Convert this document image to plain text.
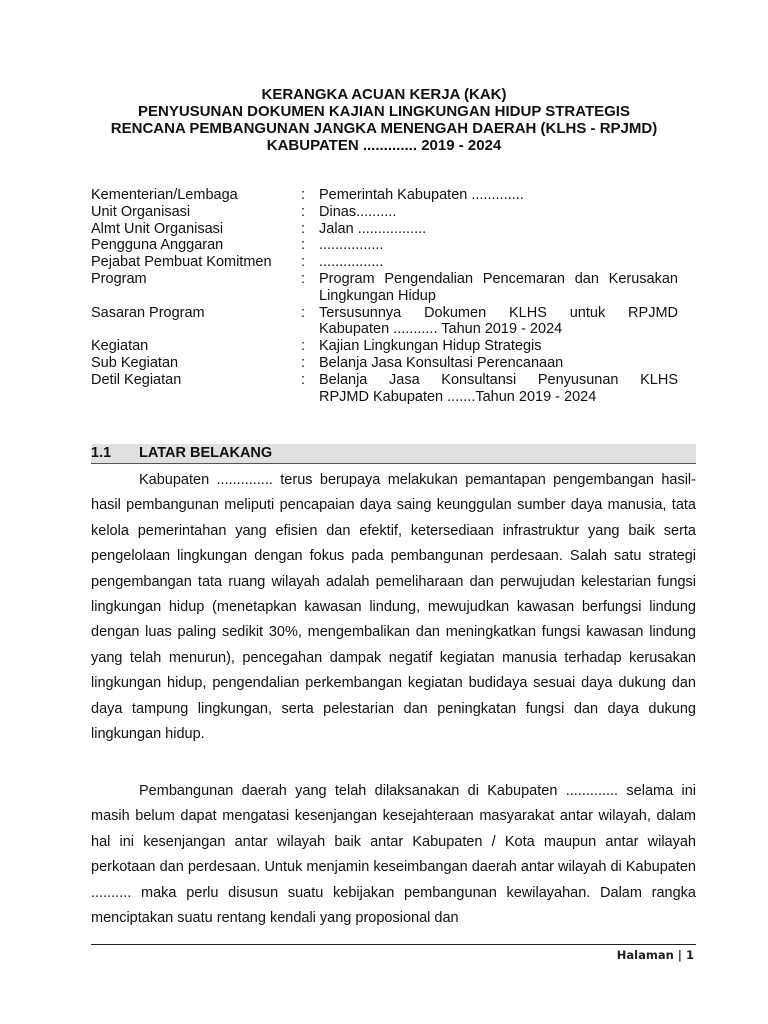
KERANGKA ACUAN KERJA (KAK)
PENYUSUNAN DOKUMEN KAJIAN LINGKUNGAN HIDUP STRATEGIS
RENCANA PEMBANGUNAN JANGKA MENENGAH DAERAH (KLHS - RPJMD)
KABUPATEN ............. 2019 - 2024
Kementerian/Lembaga	: Pemerintah Kabupaten .............
Unit Organisasi	: Dinas..........
Almt Unit Organisasi	: Jalan .................
Pengguna Anggaran	: ................
Pejabat Pembuat Komitmen	: ................
Program	: Program Pengendalian Pencemaran dan Kerusakan
Lingkungan Hidup
Sasaran Program	: Tersusunnya Dokumen KLHS untuk RPJMD
Kabupaten ........... Tahun 2019 - 2024
Kegiatan	: Kajian Lingkungan Hidup Strategis
Sub Kegiatan	: Belanja Jasa Konsultasi Perencanaan
Detil Kegiatan	: Belanja Jasa Konsultansi Penyusunan KLHS
RPJMD Kabupaten .......Tahun 2019 - 2024
1.1 LATAR BELAKANG

Kabupaten .............. terus berupaya melakukan pemantapan pengembangan hasil-hasil pembangunan meliputi pencapaian daya saing keunggulan sumber daya manusia, tata kelola pemerintahan yang efisien dan efektif, ketersediaan infrastruktur yang baik serta pengelolaan lingkungan dengan fokus pada pembangunan perdesaan. Salah satu strategi pengembangan tata ruang wilayah adalah pemeliharaan dan perwujudan kelestarian fungsi lingkungan hidup (menetapkan kawasan lindung, mewujudkan kawasan berfungsi lindung dengan luas paling sedikit 30%, mengembalikan dan meningkatkan fungsi kawasan lindung yang telah menurun), pencegahan dampak negatif kegiatan manusia terhadap kerusakan lingkungan hidup, pengendalian perkembangan kegiatan budidaya sesuai daya dukung dan daya tampung lingkungan, serta pelestarian dan peningkatan fungsi dan daya dukung lingkungan hidup.

Pembangunan daerah yang telah dilaksanakan di Kabupaten ............. selama ini masih belum dapat mengatasi kesenjangan kesejahteraan masyarakat antar wilayah, dalam hal ini kesenjangan antar wilayah baik antar Kabupaten / Kota maupun antar wilayah perkotaan dan perdesaan. Untuk menjamin keseimbangan daerah antar wilayah di Kabupaten .......... maka perlu disusun suatu kebijakan pembangunan kewilayahan. Dalam rangka menciptakan suatu rentang kendali yang proposional dan

Halaman | 1
